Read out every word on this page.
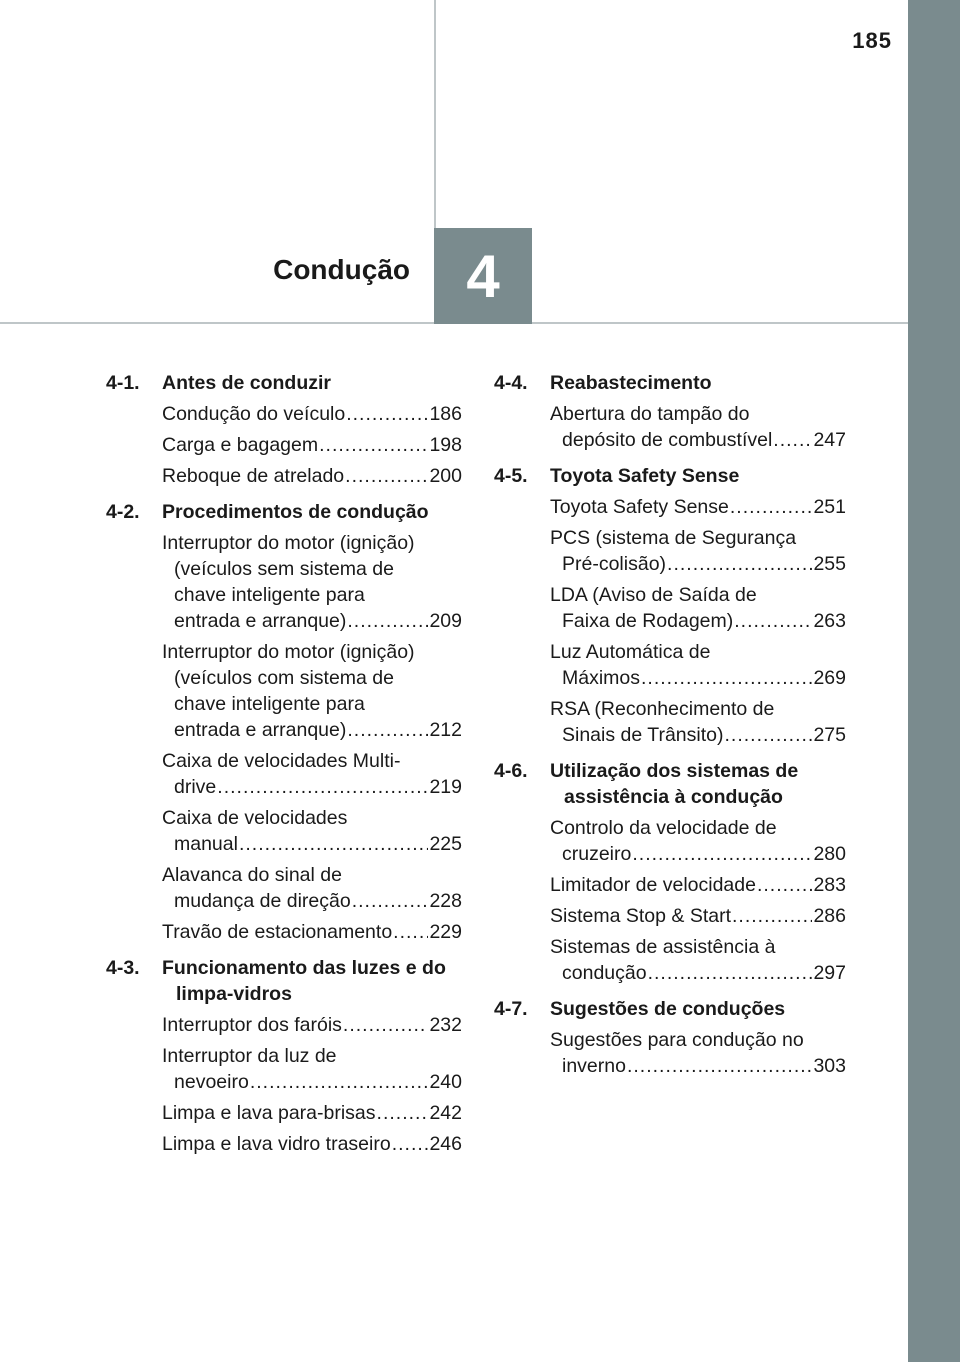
185
4
Condução
4-1.	Antes de conduzir
Condução do veículo .....	186
Carga e bagagem .....	198
Reboque de atrelado .....	200
4-2.	Procedimentos de condução
Interruptor do motor (ignição)
(veículos sem sistema de
chave inteligente para
entrada e arranque) .....	209
Interruptor do motor (ignição)
(veículos com sistema de
chave inteligente para
entrada e arranque) .....	212
Caixa de velocidades Multi-
drive .....	219
Caixa de velocidades
manual .....	225
Alavanca do sinal de
mudança de direção .....	228
Travão de estacionamento ..... 229
4-3.	Funcionamento das luzes e do limpa-vidros
Interruptor dos faróis .....	232
Interruptor da luz de
nevoeiro .....	240
Limpa e lava para-brisas .....	242
Limpa e lava vidro traseiro ..... 246
4-4.	Reabastecimento
Abertura do tampão do
depósito de combustível ..... 247
4-5.	Toyota Safety Sense
Toyota Safety Sense .....	251
PCS (sistema de Segurança
Pré-colisão) .....	255
LDA (Aviso de Saída de
Faixa de Rodagem) .....	263
Luz Automática de
Máximos .....	269
RSA (Reconhecimento de
Sinais de Trânsito) .....	275
4-6.	Utilização dos sistemas de assistência à condução
Controlo da velocidade de
cruzeiro .....	280
Limitador de velocidade .....	283
Sistema Stop & Start .....	286
Sistemas de assistência à
condução .....	297
4-7.	Sugestões de conduções
Sugestões para condução no
inverno .....	303
